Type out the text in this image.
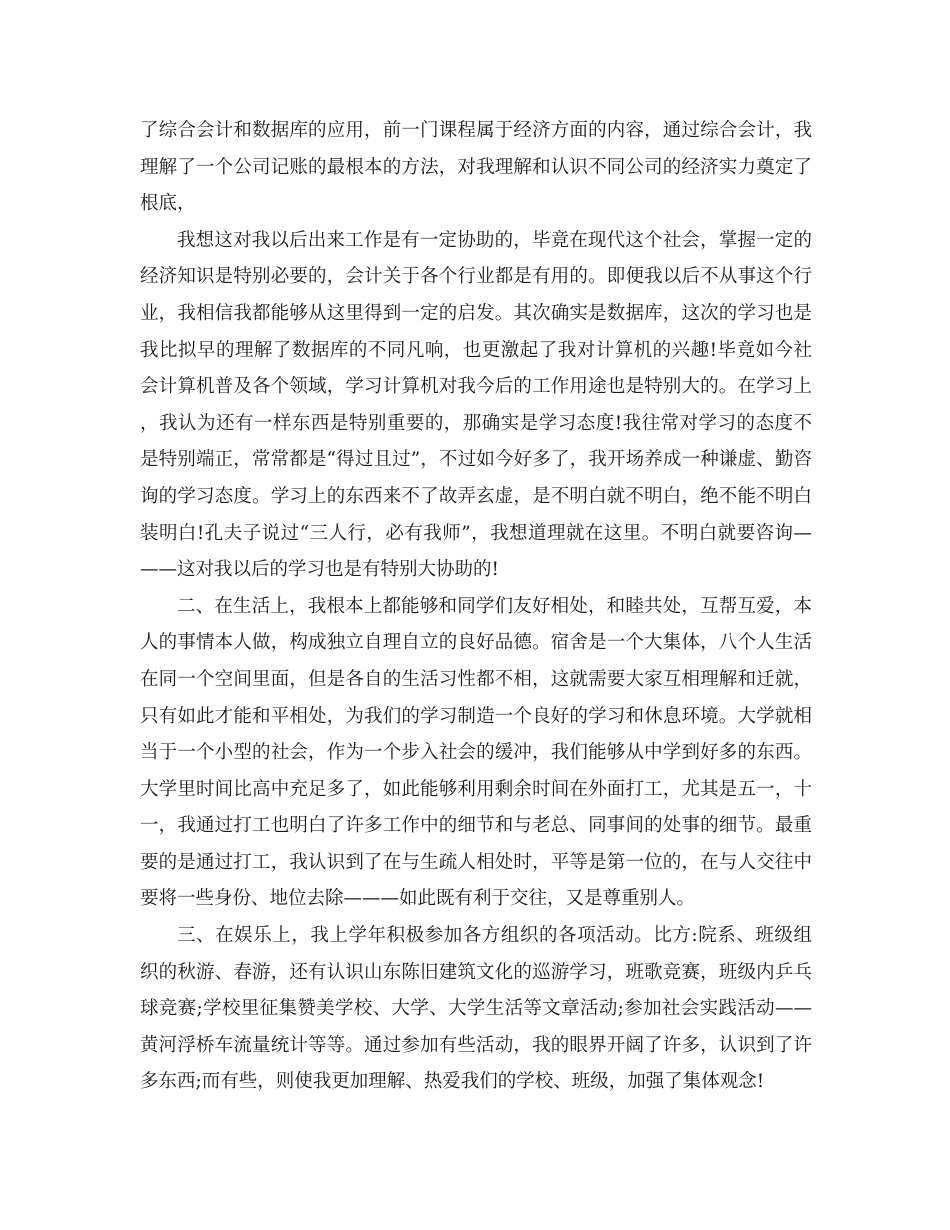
了综合会计和数据库的应用，前一门课程属于经济方面的内容，通过综合会计，我理解了一个公司记账的最根本的方法，对我理解和认识不同公司的经济实力奠定了根底，

我想这对我以后出来工作是有一定协助的，毕竟在现代这个社会，掌握一定的经济知识是特别必要的，会计关于各个行业都是有用的。即便我以后不从事这个行业，我相信我都能够从这里得到一定的启发。其次确实是数据库，这次的学习也是我比拟早的理解了数据库的不同凡响，也更激起了我对计算机的兴趣!毕竟如今社会计算机普及各个领域，学习计算机对我今后的工作用途也是特别大的。在学习上，我认为还有一样东西是特别重要的，那确实是学习态度!我往常对学习的态度不是特别端正，常常都是“得过且过”，不过如今好多了，我开场养成一种谦虚、勤咨询的学习态度。学习上的东西来不了故弄玄虚，是不明白就不明白，绝不能不明白装明白!孔夫子说过“三人行，必有我师”，我想道理就在这里。不明白就要咨询———这对我以后的学习也是有特别大协助的!

二、在生活上，我根本上都能够和同学们友好相处，和睦共处，互帮互爱，本人的事情本人做，构成独立自理自立的良好品德。宿舍是一个大集体，八个人生活在同一个空间里面，但是各自的生活习性都不相，这就需要大家互相理解和迁就，只有如此才能和平相处，为我们的学习制造一个良好的学习和休息环境。大学就相当于一个小型的社会，作为一个步入社会的缓冲，我们能够从中学到好多的东西。大学里时间比高中充足多了，如此能够利用剩余时间在外面打工，尤其是五一，十一，我通过打工也明白了许多工作中的细节和与老总、同事间的处事的细节。最重要的是通过打工，我认识到了在与生疏人相处时，平等是第一位的，在与人交往中要将一些身份、地位去除———如此既有利于交往，又是尊重别人。

三、在娱乐上，我上学年积极参加各方组织的各项活动。比方:院系、班级组织的秋游、春游，还有认识山东陈旧建筑文化的巡游学习，班歌竞赛，班级内乒乓球竞赛;学校里征集赞美学校、大学、大学生活等文章活动;参加社会实践活动——黄河浮桥车流量统计等等。通过参加有些活动，我的眼界开阔了许多，认识到了许多东西;而有些，则使我更加理解、热爱我们的学校、班级，加强了集体观念!
